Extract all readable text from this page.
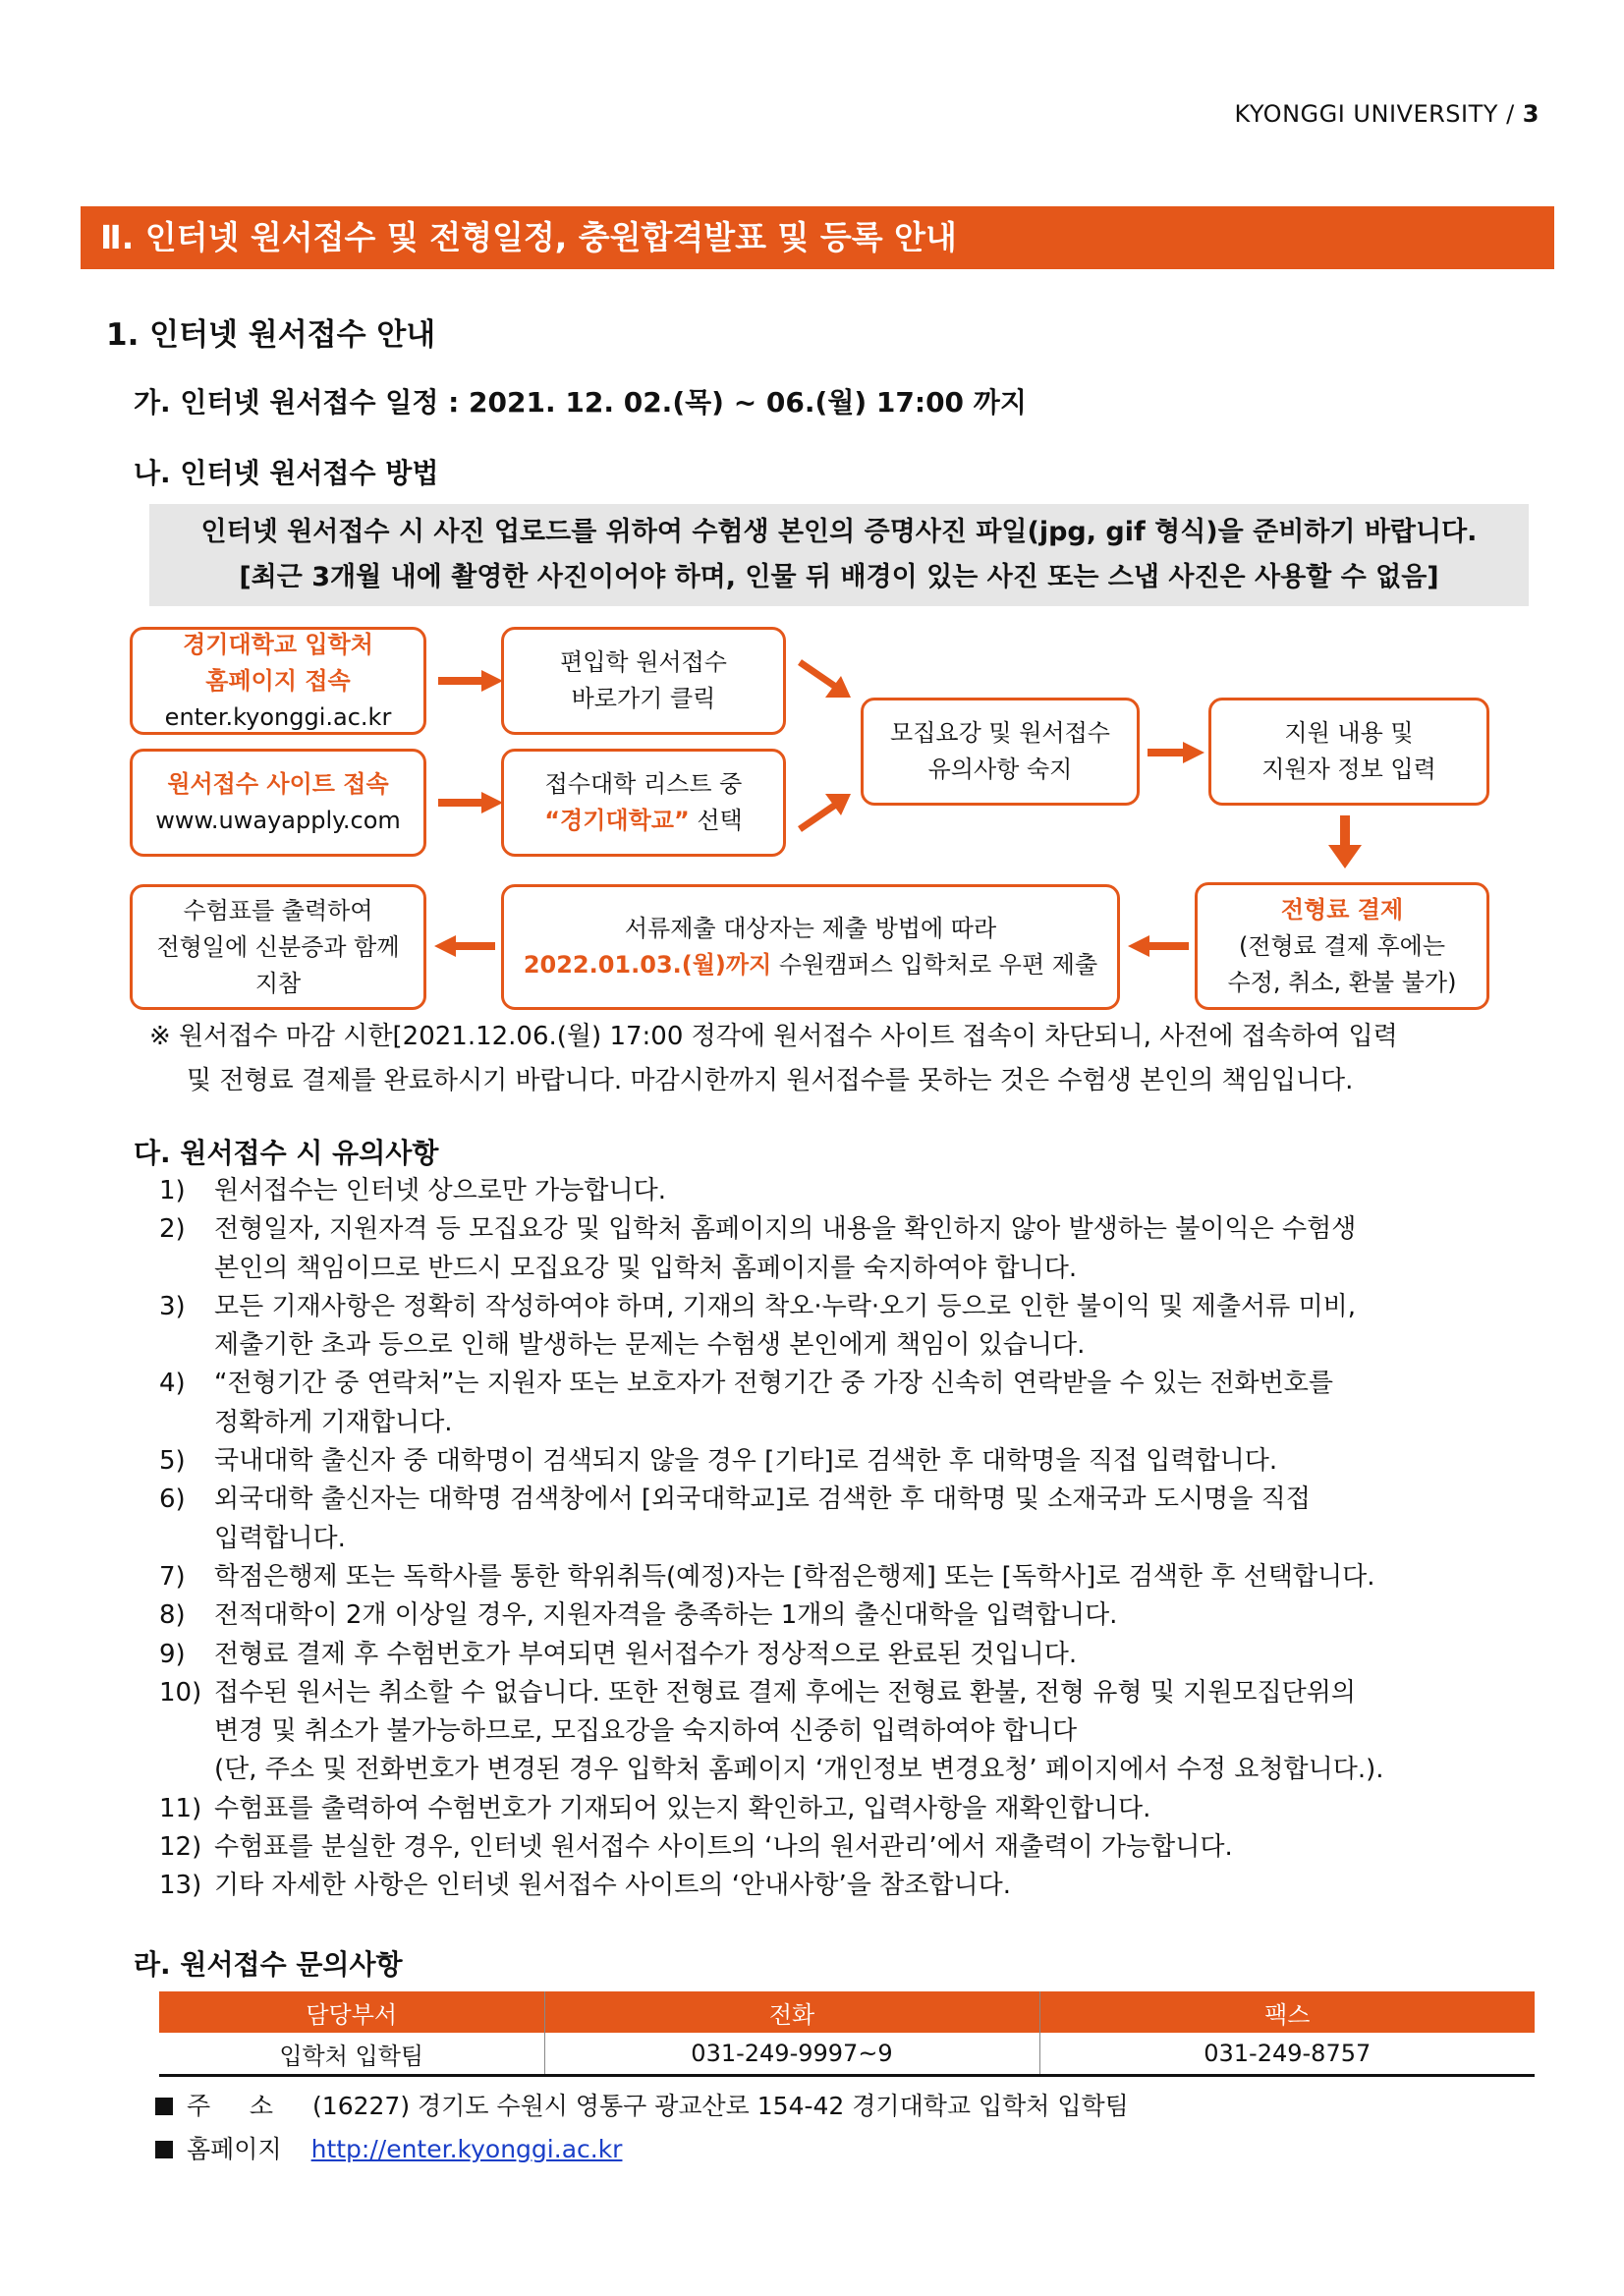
KYONGGI UNIVERSITY / 3
Ⅱ. 인터넷 원서접수 및 전형일정, 충원합격발표 및 등록 안내
1. 인터넷 원서접수 안내
가. 인터넷 원서접수 일정 : 2021. 12. 02.(목) ~ 06.(월) 17:00 까지
나. 인터넷 원서접수 방법
인터넷 원서접수 시 사진 업로드를 위하여 수험생 본인의 증명사진 파일(jpg, gif 형식)을 준비하기 바랍니다.
[최근 3개월 내에 촬영한 사진이어야 하며, 인물 뒤 배경이 있는 사진 또는 스냅 사진은 사용할 수 없음]
경기대학교 입학처
홈페이지 접속
enter.kyonggi.ac.kr
편입학 원서접수
바로가기 클릭
원서접수 사이트 접속
www.uwayapply.com
접수대학 리스트 중
“경기대학교” 선택
모집요강 및 원서접수
유의사항 숙지
지원 내용 및
지원자 정보 입력
전형료 결제
(전형료 결제 후에는
수정, 취소, 환불 불가)
서류제출 대상자는 제출 방법에 따라
2022.01.03.(월)까지 수원캠퍼스 입학처로 우편 제출
수험표를 출력하여
전형일에 신분증과 함께
지참
※ 원서접수 마감 시한[2021.12.06.(월) 17:00 정각에 원서접수 사이트 접속이 차단되니, 사전에 접속하여 입력
및 전형료 결제를 완료하시기 바랍니다. 마감시한까지 원서접수를 못하는 것은 수험생 본인의 책임입니다.
다. 원서접수 시 유의사항
1)	원서접수는 인터넷 상으로만 가능합니다.
2)	전형일자, 지원자격 등 모집요강 및 입학처 홈페이지의 내용을 확인하지 않아 발생하는 불이익은 수험생
본인의 책임이므로 반드시 모집요강 및 입학처 홈페이지를 숙지하여야 합니다.
3)	모든 기재사항은 정확히 작성하여야 하며, 기재의 착오·누락·오기 등으로 인한 불이익 및 제출서류 미비,
제출기한 초과 등으로 인해 발생하는 문제는 수험생 본인에게 책임이 있습니다.
4)	“전형기간 중 연락처”는 지원자 또는 보호자가 전형기간 중 가장 신속히 연락받을 수 있는 전화번호를
정확하게 기재합니다.
5)	국내대학 출신자 중 대학명이 검색되지 않을 경우 [기타]로 검색한 후 대학명을 직접 입력합니다.
6)	외국대학 출신자는 대학명 검색창에서 [외국대학교]로 검색한 후 대학명 및 소재국과 도시명을 직접
입력합니다.
7)	학점은행제 또는 독학사를 통한 학위취득(예정)자는 [학점은행제] 또는 [독학사]로 검색한 후 선택합니다.
8)	전적대학이 2개 이상일 경우, 지원자격을 충족하는 1개의 출신대학을 입력합니다.
9)	전형료 결제 후 수험번호가 부여되면 원서접수가 정상적으로 완료된 것입니다.
10) 접수된 원서는 취소할 수 없습니다. 또한 전형료 결제 후에는 전형료 환불, 전형 유형 및 지원모집단위의
변경 및 취소가 불가능하므로, 모집요강을 숙지하여 신중히 입력하여야 합니다
(단, 주소 및 전화번호가 변경된 경우 입학처 홈페이지 ‘개인정보 변경요청’ 페이지에서 수정 요청합니다.).
11) 수험표를 출력하여 수험번호가 기재되어 있는지 확인하고, 입력사항을 재확인합니다.
12) 수험표를 분실한 경우, 인터넷 원서접수 사이트의 ‘나의 원서관리’에서 재출력이 가능합니다.
13) 기타 자세한 사항은 인터넷 원서접수 사이트의 ‘안내사항’을 참조합니다.
라. 원서접수 문의사항
담당부서	전화	팩스
입학처 입학팀	031-249-9997~9	031-249-8757
주     소 (16227) 경기도 수원시 영통구 광교산로 154-42 경기대학교 입학처 입학팀
홈페이지 http://enter.kyonggi.ac.kr
